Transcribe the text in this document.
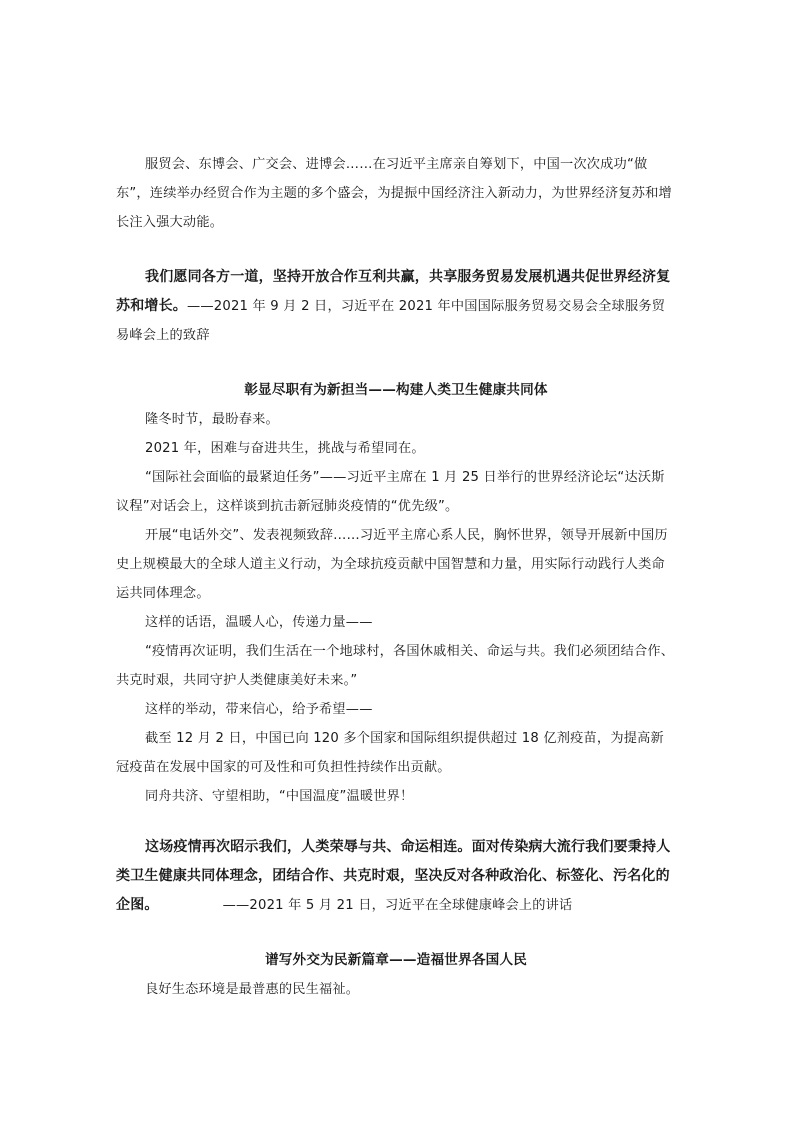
服贸会、东博会、广交会、进博会……在习近平主席亲自筹划下，中国一次次成功“做东”，连续举办经贸合作为主题的多个盛会，为提振中国经济注入新动力，为世界经济复苏和增长注入强大动能。

我们愿同各方一道，坚持开放合作互利共赢，共享服务贸易发展机遇共促世界经济复苏和增长。——2021 年 9 月 2 日，习近平在 2021 年中国国际服务贸易交易会全球服务贸易峰会上的致辞

彰显尽职有为新担当——构建人类卫生健康共同体

隆冬时节，最盼春来。

2021 年，困难与奋进共生，挑战与希望同在。

“国际社会面临的最紧迫任务”——习近平主席在 1 月 25 日举行的世界经济论坛“达沃斯议程”对话会上，这样谈到抗击新冠肺炎疫情的“优先级”。

开展“电话外交”、发表视频致辞……习近平主席心系人民，胸怀世界，领导开展新中国历史上规模最大的全球人道主义行动，为全球抗疫贡献中国智慧和力量，用实际行动践行人类命运共同体理念。

这样的话语，温暖人心，传递力量——

“疫情再次证明，我们生活在一个地球村，各国休戚相关、命运与共。我们必须团结合作、共克时艰，共同守护人类健康美好未来。”

这样的举动，带来信心，给予希望——

截至 12 月 2 日，中国已向 120 多个国家和国际组织提供超过 18 亿剂疫苗，为提高新冠疫苗在发展中国家的可及性和可负担性持续作出贡献。

同舟共济、守望相助，“中国温度”温暖世界！

这场疫情再次昭示我们，人类荣辱与共、命运相连。面对传染病大流行我们要秉持人类卫生健康共同体理念，团结合作、共克时艰，坚决反对各种政治化、标签化、污名化的企图。	——2021 年 5 月 21 日，习近平在全球健康峰会上的讲话

谱写外交为民新篇章——造福世界各国人民

良好生态环境是最普惠的民生福祉。
